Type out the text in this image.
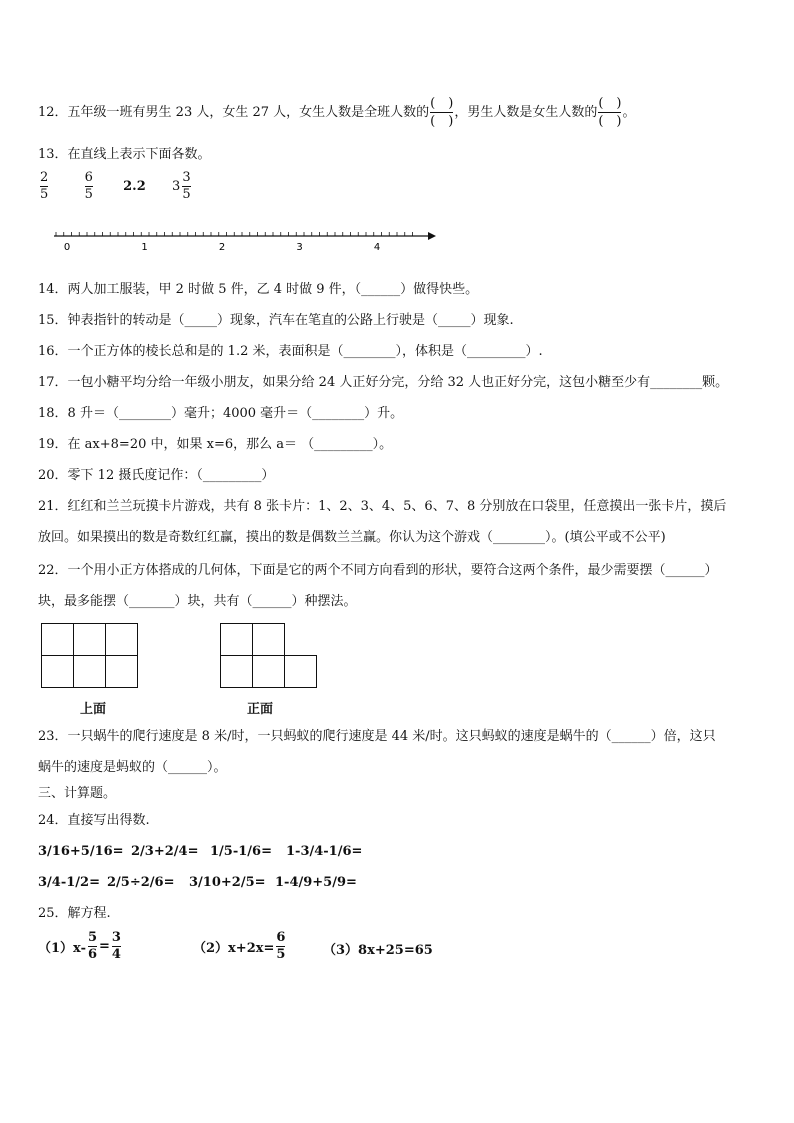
12．五年级一班有男生 23 人，女生 27 人，女生人数是全班人数的 $\frac{( )}{( )}$ ，男生人数是女生人数的 $\frac{( )}{( )}$ 。
13．在直线上表示下面各数。
$\frac{2}{5}$
	$\frac{6}{5} 2.2$ $3 \frac{3}{5}$
0	1	2	3	4
14．两人加工服装，甲 2 时做 5 件，乙 4 时做 9 件，（______）做得快些。
15．钟表指针的转动是（_____）现象，汽车在笔直的公路上行驶是（_____）现象.
16．一个正方体的棱长总和是的 1.2 米，表面积是（________），体积是（_________）.
17．一包小糖平均分给一年级小朋友，如果分给 24 人正好分完，分给 32 人也正好分完，这包小糖至少有________颗。
18．8 升＝（________）毫升；4000 毫升＝（________）升。
19．在 ax+8=20 中，如果 x=6，那么 a＝ （_________）。
20．零下 12 摄氏度记作：（_________）
21．红红和兰兰玩摸卡片游戏，共有 8 张卡片：1、2、3、4、5、6、7、8 分别放在口袋里，任意摸出一张卡片，摸后
放回。如果摸出的数是奇数红红赢，摸出的数是偶数兰兰赢。你认为这个游戏（________）。(填公平或不公平)
22．一个用小正方体搭成的几何体，下面是它的两个不同方向看到的形状，要符合这两个条件，最少需要摆（______）
块，最多能摆（_______）块，共有（______）种摆法。

上面	正面
23．一只蜗牛的爬行速度是 8 米/时，一只蚂蚁的爬行速度是 44 米/时。这只蚂蚁的速度是蜗牛的（______）倍，这只
蜗牛的速度是蚂蚁的（______）。
三、计算题。
24．直接写出得数.
3/16+5/16= 2/3+2/4= 1/5-1/6= 1-3/4-1/6=
3/4-1/2= 2/5÷2/6= 3/10+2/5= 1-4/9+5/9=
25．解方程.
$(1)x- \frac{5}{6} = \frac{3}{4}$	$(2)x+2x= \frac{6}{5}$	（3）8x+25=65
